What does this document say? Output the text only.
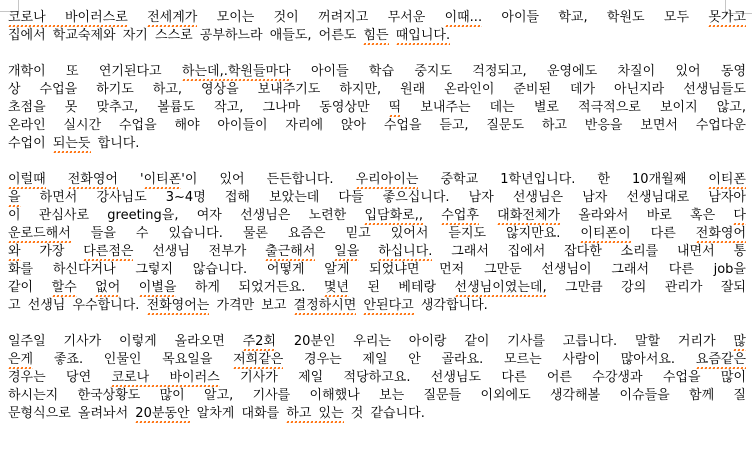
코로나 바이러스로 전세계가 모이는 것이 꺼려지고 무서운 이때... 아이들 학교, 학원도 모두 못가고
집에서 학교숙제와 자기 스스로 공부하느라 애들도, 어른도 힘든 때입니다.
개학이 또 연기된다고 하는데,.학원들마다 아이들 학습 중지도 걱정되고, 운영에도 차질이 있어 동영
상 수업을 하기도 하고, 영상을 보내주기도 하지만, 원래 온라인이 준비된 데가 아닌지라 선생님들도
초점을 못 맞추고, 볼륨도 작고, 그나마 동영상만 띡 보내주는 데는 별로 적극적으로 보이지 않고,
온라인 실시간 수업을 해야 아이들이 자리에 앉아 수업을 듣고, 질문도 하고 반응을 보면서 수업다운
수업이 되는듯 합니다.
이럴때 전화영어 '이티폰'이 있어 든든합니다. 우리아이는 중학교 1학년입니다. 한 10개월째 이티폰
을 하면서 강사님도 3~4명 접해 보았는데 다들 좋으십니다. 남자 선생님은 남자 선생님대로 남자아
이 관심사로 greeting을, 여자 선생님은 노련한 입담화로,, 수업후 대화전체가 올라와서 바로 혹은 다
운로드해서 들을 수 있습니다. 물론 요즘은 믿고 있어서 듣지도 않지만요. 이티폰이 다른 전화영어
와 가장 다른점은 선생님 전부가 출근해서 일을 하십니다. 그래서 집에서 잡다한 소리를 내면서 통
화를 하신다거나 그렇지 않습니다. 어떻게 알게 되었냐면 먼저 그만둔 선생님이 그래서 다른 job을
같이 할수 없어 이별을 하게 되었거든요. 몇년 된 베테랑 선생님이였는데, 그만큼 강의 관리가 잘되
고 선생님 우수합니다. 전화영어는 가격만 보고 결정하시면 안된다고 생각합니다.
일주일 기사가 이렇게 올라오면 주2회 20분인 우리는 아이랑 같이 기사를 고릅니다. 말할 거리가 많
은게 좋죠. 인물인 목요일을 저희같은 경우는 제일 안 골라요. 모르는 사람이 많아서요. 요즘같은
경우는 당연 코로나 바이러스 기사가 제일 적당하고요. 선생님도 다른 어른 수강생과 수업을 많이
하시는지 한국상황도 많이 알고, 기사를 이해했나 보는 질문들 이외에도 생각해볼 이슈들을 함께 질
문형식으로 올려놔서 20분동안 알차게 대화를 하고 있는 것 같습니다.
